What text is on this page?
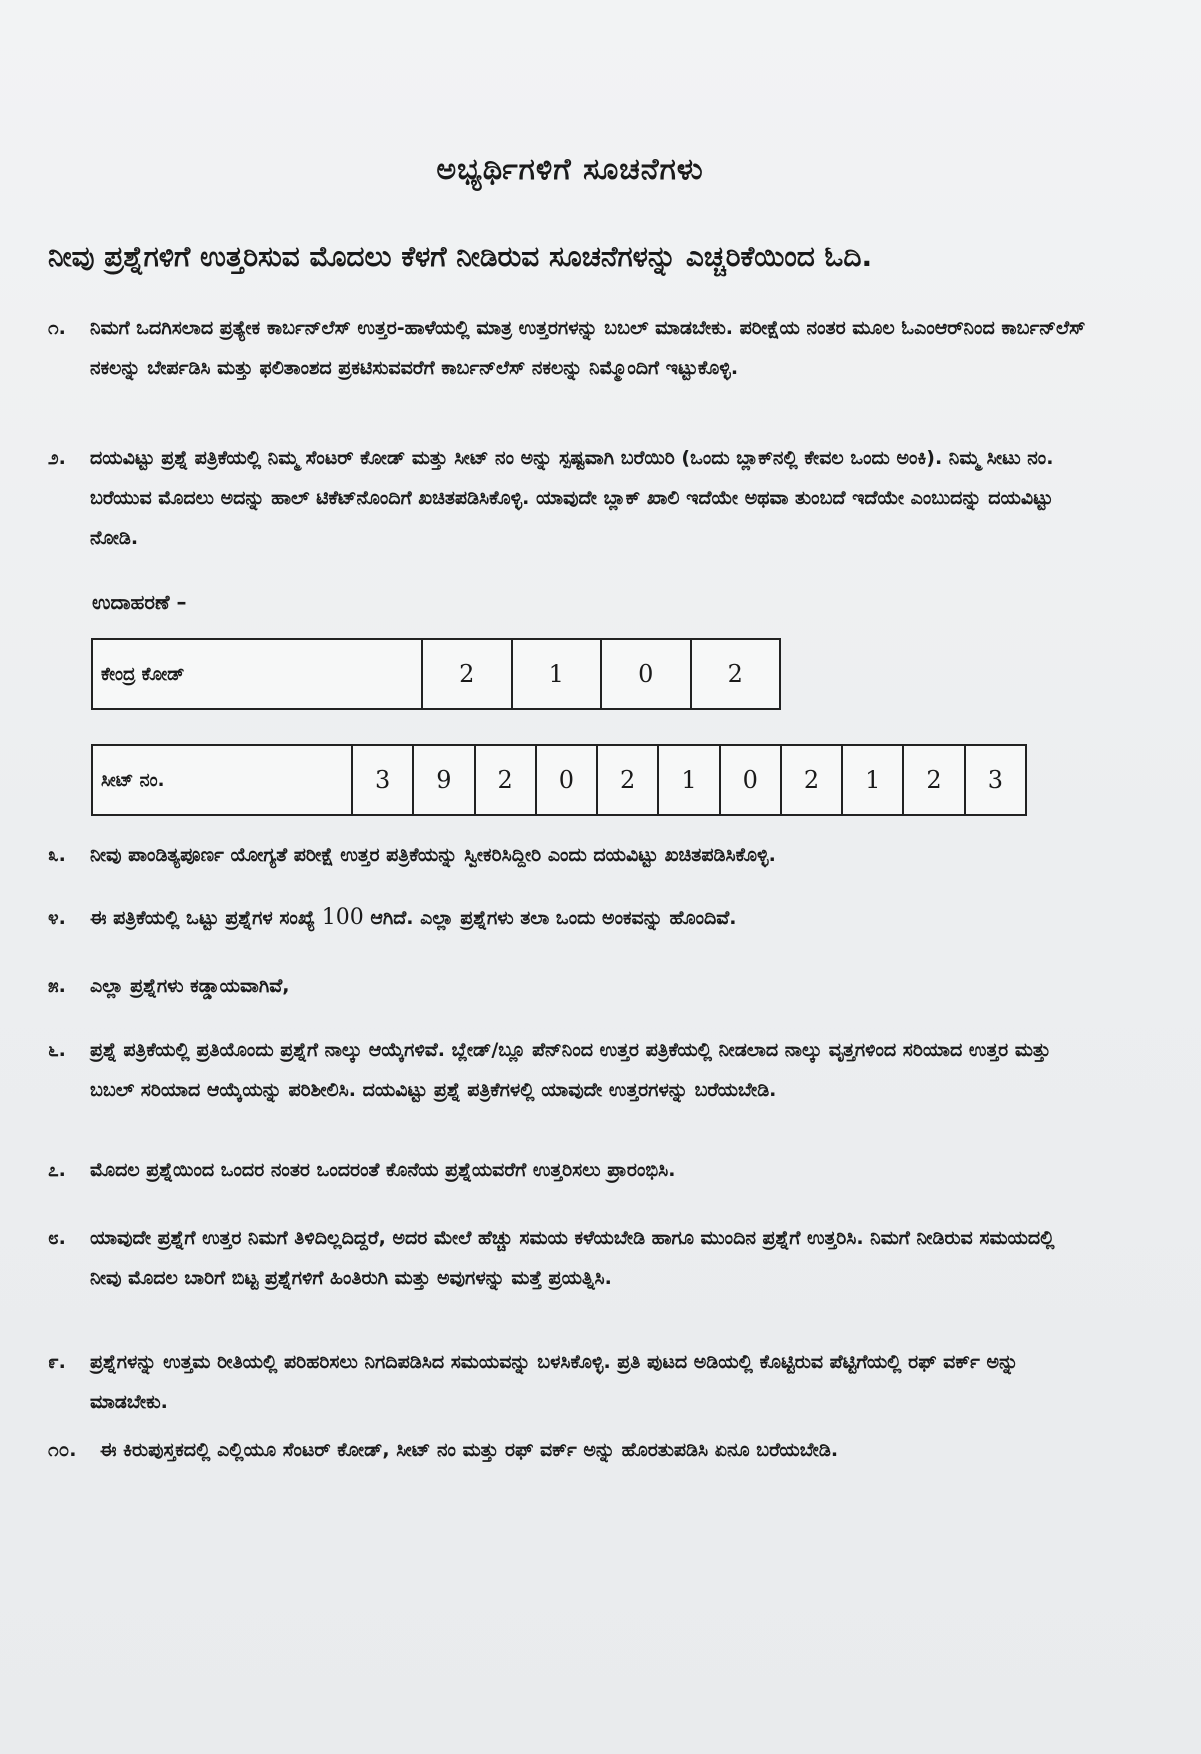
ಅಭ್ಯರ್ಥಿಗಳಿಗೆ ಸೂಚನೆಗಳು
ನೀವು ಪ್ರಶ್ನೆಗಳಿಗೆ ಉತ್ತರಿಸುವ ಮೊದಲು ಕೆಳಗೆ ನೀಡಿರುವ ಸೂಚನೆಗಳನ್ನು ಎಚ್ಚರಿಕೆಯಿಂದ ಓದಿ.
೧.	ನಿಮಗೆ ಒದಗಿಸಲಾದ ಪ್ರತ್ಯೇಕ ಕಾರ್ಬನ್‌ಲೆಸ್ ಉತ್ತರ-ಹಾಳೆಯಲ್ಲಿ ಮಾತ್ರ ಉತ್ತರಗಳನ್ನು ಬಬಲ್ ಮಾಡಬೇಕು. ಪರೀಕ್ಷೆಯ ನಂತರ ಮೂಲ ಓಎಂಆರ್‌ನಿಂದ ಕಾರ್ಬನ್‌ಲೆಸ್ ನಕಲನ್ನು ಬೇರ್ಪಡಿಸಿ ಮತ್ತು ಫಲಿತಾಂಶದ ಪ್ರಕಟಿಸುವವರೆಗೆ ಕಾರ್ಬನ್‌ಲೆಸ್ ನಕಲನ್ನು ನಿಮ್ಮೊಂದಿಗೆ ಇಟ್ಟುಕೊಳ್ಳಿ.
೨.	ದಯವಿಟ್ಟು ಪ್ರಶ್ನೆ ಪತ್ರಿಕೆಯಲ್ಲಿ ನಿಮ್ಮ ಸೆಂಟರ್ ಕೋಡ್ ಮತ್ತು ಸೀಟ್ ನಂ ಅನ್ನು ಸ್ಪಷ್ಟವಾಗಿ ಬರೆಯಿರಿ (ಒಂದು ಬ್ಲಾಕ್‌ನಲ್ಲಿ ಕೇವಲ ಒಂದು ಅಂಕಿ). ನಿಮ್ಮ ಸೀಟು ನಂ. ಬರೆಯುವ ಮೊದಲು ಅದನ್ನು ಹಾಲ್ ಟಿಕೆಟ್‌ನೊಂದಿಗೆ ಖಚಿತಪಡಿಸಿಕೊಳ್ಳಿ. ಯಾವುದೇ ಬ್ಲಾಕ್ ಖಾಲಿ ಇದೆಯೇ ಅಥವಾ ತುಂಬದೆ ಇದೆಯೇ ಎಂಬುದನ್ನು ದಯವಿಟ್ಟು ನೋಡಿ.
ಉದಾಹರಣೆ –
ಕೇಂದ್ರ ಕೋಡ್	2	1	0	2
ಸೀಟ್ ನಂ.	3	9	2	0	2	1	0	2	1	2	3
೩.	ನೀವು ಪಾಂಡಿತ್ಯಪೂರ್ಣ ಯೋಗ್ಯತೆ ಪರೀಕ್ಷೆ ಉತ್ತರ ಪತ್ರಿಕೆಯನ್ನು ಸ್ವೀಕರಿಸಿದ್ದೀರಿ ಎಂದು ದಯವಿಟ್ಟು ಖಚಿತಪಡಿಸಿಕೊಳ್ಳಿ.
೪.	ಈ ಪತ್ರಿಕೆಯಲ್ಲಿ ಒಟ್ಟು ಪ್ರಶ್ನೆಗಳ ಸಂಖ್ಯೆ 100 ಆಗಿದೆ. ಎಲ್ಲಾ ಪ್ರಶ್ನೆಗಳು ತಲಾ ಒಂದು ಅಂಕವನ್ನು ಹೊಂದಿವೆ.
೫.	ಎಲ್ಲಾ ಪ್ರಶ್ನೆಗಳು ಕಡ್ಡಾಯವಾಗಿವೆ,
೬.	ಪ್ರಶ್ನೆ ಪತ್ರಿಕೆಯಲ್ಲಿ ಪ್ರತಿಯೊಂದು ಪ್ರಶ್ನೆಗೆ ನಾಲ್ಕು ಆಯ್ಕೆಗಳಿವೆ. ಬ್ಲೇಡ್/ಬ್ಲೂ ಪೆನ್‌ನಿಂದ ಉತ್ತರ ಪತ್ರಿಕೆಯಲ್ಲಿ ನೀಡಲಾದ ನಾಲ್ಕು ವೃತ್ತಗಳಿಂದ ಸರಿಯಾದ ಉತ್ತರ ಮತ್ತು ಬಬಲ್ ಸರಿಯಾದ ಆಯ್ಕೆಯನ್ನು ಪರಿಶೀಲಿಸಿ. ದಯವಿಟ್ಟು ಪ್ರಶ್ನೆ ಪತ್ರಿಕೆಗಳಲ್ಲಿ ಯಾವುದೇ ಉತ್ತರಗಳನ್ನು ಬರೆಯಬೇಡಿ.
೭.	ಮೊದಲ ಪ್ರಶ್ನೆಯಿಂದ ಒಂದರ ನಂತರ ಒಂದರಂತೆ ಕೊನೆಯ ಪ್ರಶ್ನೆಯವರೆಗೆ ಉತ್ತರಿಸಲು ಪ್ರಾರಂಭಿಸಿ.
೮.	ಯಾವುದೇ ಪ್ರಶ್ನೆಗೆ ಉತ್ತರ ನಿಮಗೆ ತಿಳಿದಿಲ್ಲದಿದ್ದರೆ, ಅದರ ಮೇಲೆ ಹೆಚ್ಚು ಸಮಯ ಕಳೆಯಬೇಡಿ ಹಾಗೂ ಮುಂದಿನ ಪ್ರಶ್ನೆಗೆ ಉತ್ತರಿಸಿ. ನಿಮಗೆ ನೀಡಿರುವ ಸಮಯದಲ್ಲಿ ನೀವು ಮೊದಲ ಬಾರಿಗೆ ಬಿಟ್ಟ ಪ್ರಶ್ನೆಗಳಿಗೆ ಹಿಂತಿರುಗಿ ಮತ್ತು ಅವುಗಳನ್ನು ಮತ್ತೆ ಪ್ರಯತ್ನಿಸಿ.
೯.	ಪ್ರಶ್ನೆಗಳನ್ನು ಉತ್ತಮ ರೀತಿಯಲ್ಲಿ ಪರಿಹರಿಸಲು ನಿಗದಿಪಡಿಸಿದ ಸಮಯವನ್ನು ಬಳಸಿಕೊಳ್ಳಿ. ಪ್ರತಿ ಪುಟದ ಅಡಿಯಲ್ಲಿ ಕೊಟ್ಟಿರುವ ಪೆಟ್ಟಿಗೆಯಲ್ಲಿ ರಫ್ ವರ್ಕ್ ಅನ್ನು ಮಾಡಬೇಕು.
೧೦.	ಈ ಕಿರುಪುಸ್ತಕದಲ್ಲಿ ಎಲ್ಲಿಯೂ ಸೆಂಟರ್ ಕೋಡ್, ಸೀಟ್ ನಂ ಮತ್ತು ರಫ್ ವರ್ಕ್ ಅನ್ನು ಹೊರತುಪಡಿಸಿ ಏನೂ ಬರೆಯಬೇಡಿ.
